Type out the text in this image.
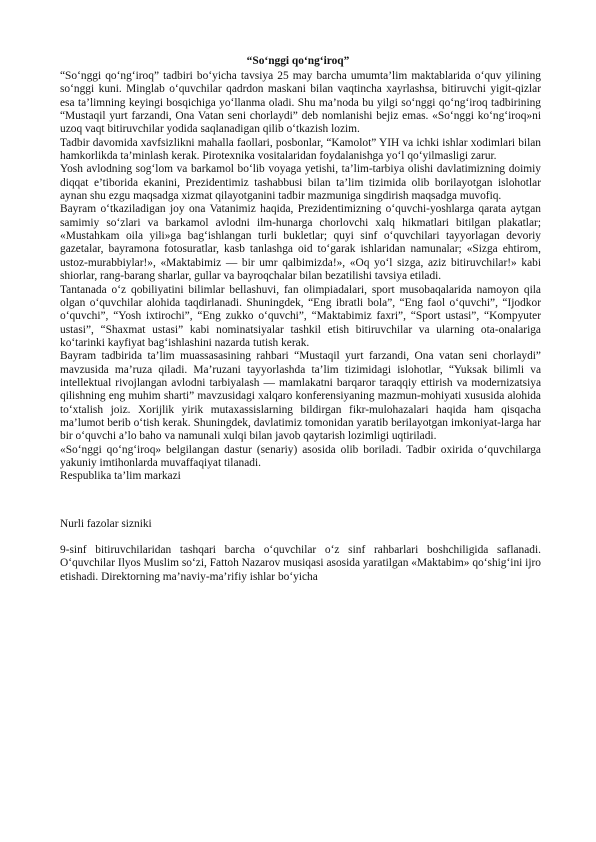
“So‘nggi qo‘ng‘iroq”

“So‘nggi qo‘ng‘iroq” tadbiri bo‘yicha tavsiya 25 may barcha umumta’lim maktablarida o‘quv yilining so‘nggi kuni. Minglab o‘quvchilar qadrdon maskani bilan vaqtincha xayrlashsa, bitiruvchi yigit-qizlar esa ta’limning keyingi bosqichiga yo‘llanma oladi. Shu ma’noda bu yilgi so‘nggi qo‘ng‘iroq tadbirining “Mustaqil yurt farzandi, Ona Vatan seni chorlaydi” deb nomlanishi bejiz emas. «So‘nggi ko‘ng‘iroq»ni uzoq vaqt bitiruvchilar yodida saqlanadigan qilib o‘tkazish lozim.

Tadbir davomida xavfsizlikni mahalla faollari, posbonlar, “Kamolot” YIH va ichki ishlar xodimlari bilan hamkorlikda ta’minlash kerak. Pirotexnika vositalaridan foydalanishga yo‘l qo‘yilmasligi zarur.

Yosh avlodning sog‘lom va barkamol bo‘lib voyaga yetishi, ta’lim-tarbiya olishi davlatimizning doimiy diqqat e’tiborida ekanini, Prezidentimiz tashabbusi bilan ta’lim tizimida olib borilayotgan islohotlar aynan shu ezgu maqsadga xizmat qilayotganini tadbir mazmuniga singdirish maqsadga muvofiq.

Bayram o‘tkaziladigan joy ona Vatanimiz haqida, Prezidentimizning o‘quvchi-yoshlarga qarata aytgan samimiy so‘zlari va barkamol avlodni ilm-hunarga chorlovchi xalq hikmatlari bitilgan plakatlar; «Mustahkam oila yili»ga bag‘ishlangan turli bukletlar; quyi sinf o‘quvchilari tayyorlagan devoriy gazetalar, bayramona fotosuratlar, kasb tanlashga oid to‘garak ishlaridan namunalar; «Sizga ehtirom, ustoz-murabbiylar!», «Maktabimiz — bir umr qalbimizda!», «Oq yo‘l sizga, aziz bitiruvchilar!» kabi shiorlar, rang-barang sharlar, gullar va bayroqchalar bilan bezatilishi tavsiya etiladi.

Tantanada o‘z qobiliyatini bilimlar bellashuvi, fan olimpiadalari, sport musobaqalarida namoyon qila olgan o‘quvchilar alohida taqdirlanadi. Shuningdek, “Eng ibratli bola”, “Eng faol o‘quvchi”, “Ijodkor o‘quvchi”, “Yosh ixtirochi”, “Eng zukko o‘quvchi”, “Maktabimiz faxri”, “Sport ustasi”, “Kompyuter ustasi”, “Shaxmat ustasi” kabi nominatsiyalar tashkil etish bitiruvchilar va ularning ota-onalariga ko‘tarinki kayfiyat bag‘ishlashini nazarda tutish kerak.

Bayram tadbirida ta’lim muassasasining rahbari “Mustaqil yurt farzandi, Ona vatan seni chorlaydi” mavzusida ma’ruza qiladi. Ma’ruzani tayyorlashda ta’lim tizimidagi islohotlar, “Yuksak bilimli va intellektual rivojlangan avlodni tarbiyalash — mamlakatni barqaror taraqqiy ettirish va modernizatsiya qilishning eng muhim sharti” mavzusidagi xalqaro konferensiyaning mazmun-mohiyati xususida alohida to‘xtalish joiz. Xorijlik yirik mutaxassislarning bildirgan fikr-mulohazalari haqida ham qisqacha ma’lumot berib o‘tish kerak. Shuningdek, davlatimiz tomonidan yaratib berilayotgan imkoniyat-larga har bir o‘quvchi a’lo baho va namunali xulqi bilan javob qaytarish lozimligi uqtiriladi.

«So‘nggi qo‘ng‘iroq» belgilangan dastur (senariy) asosida olib boriladi. Tadbir oxirida o‘quvchilarga yakuniy imtihonlarda muvaffaqiyat tilanadi.

Respublika ta’lim markazi

Nurli fazolar sizniki

9-sinf bitiruvchilaridan tashqari barcha o‘quvchilar o‘z sinf rahbarlari boshchiligida saflanadi. O‘quvchilar Ilyos Muslim so‘zi, Fattoh Nazarov musiqasi asosida yaratilgan «Maktabim» qo‘shig‘ini ijro etishadi. Direktorning ma’naviy-ma’rifiy ishlar bo‘yicha
